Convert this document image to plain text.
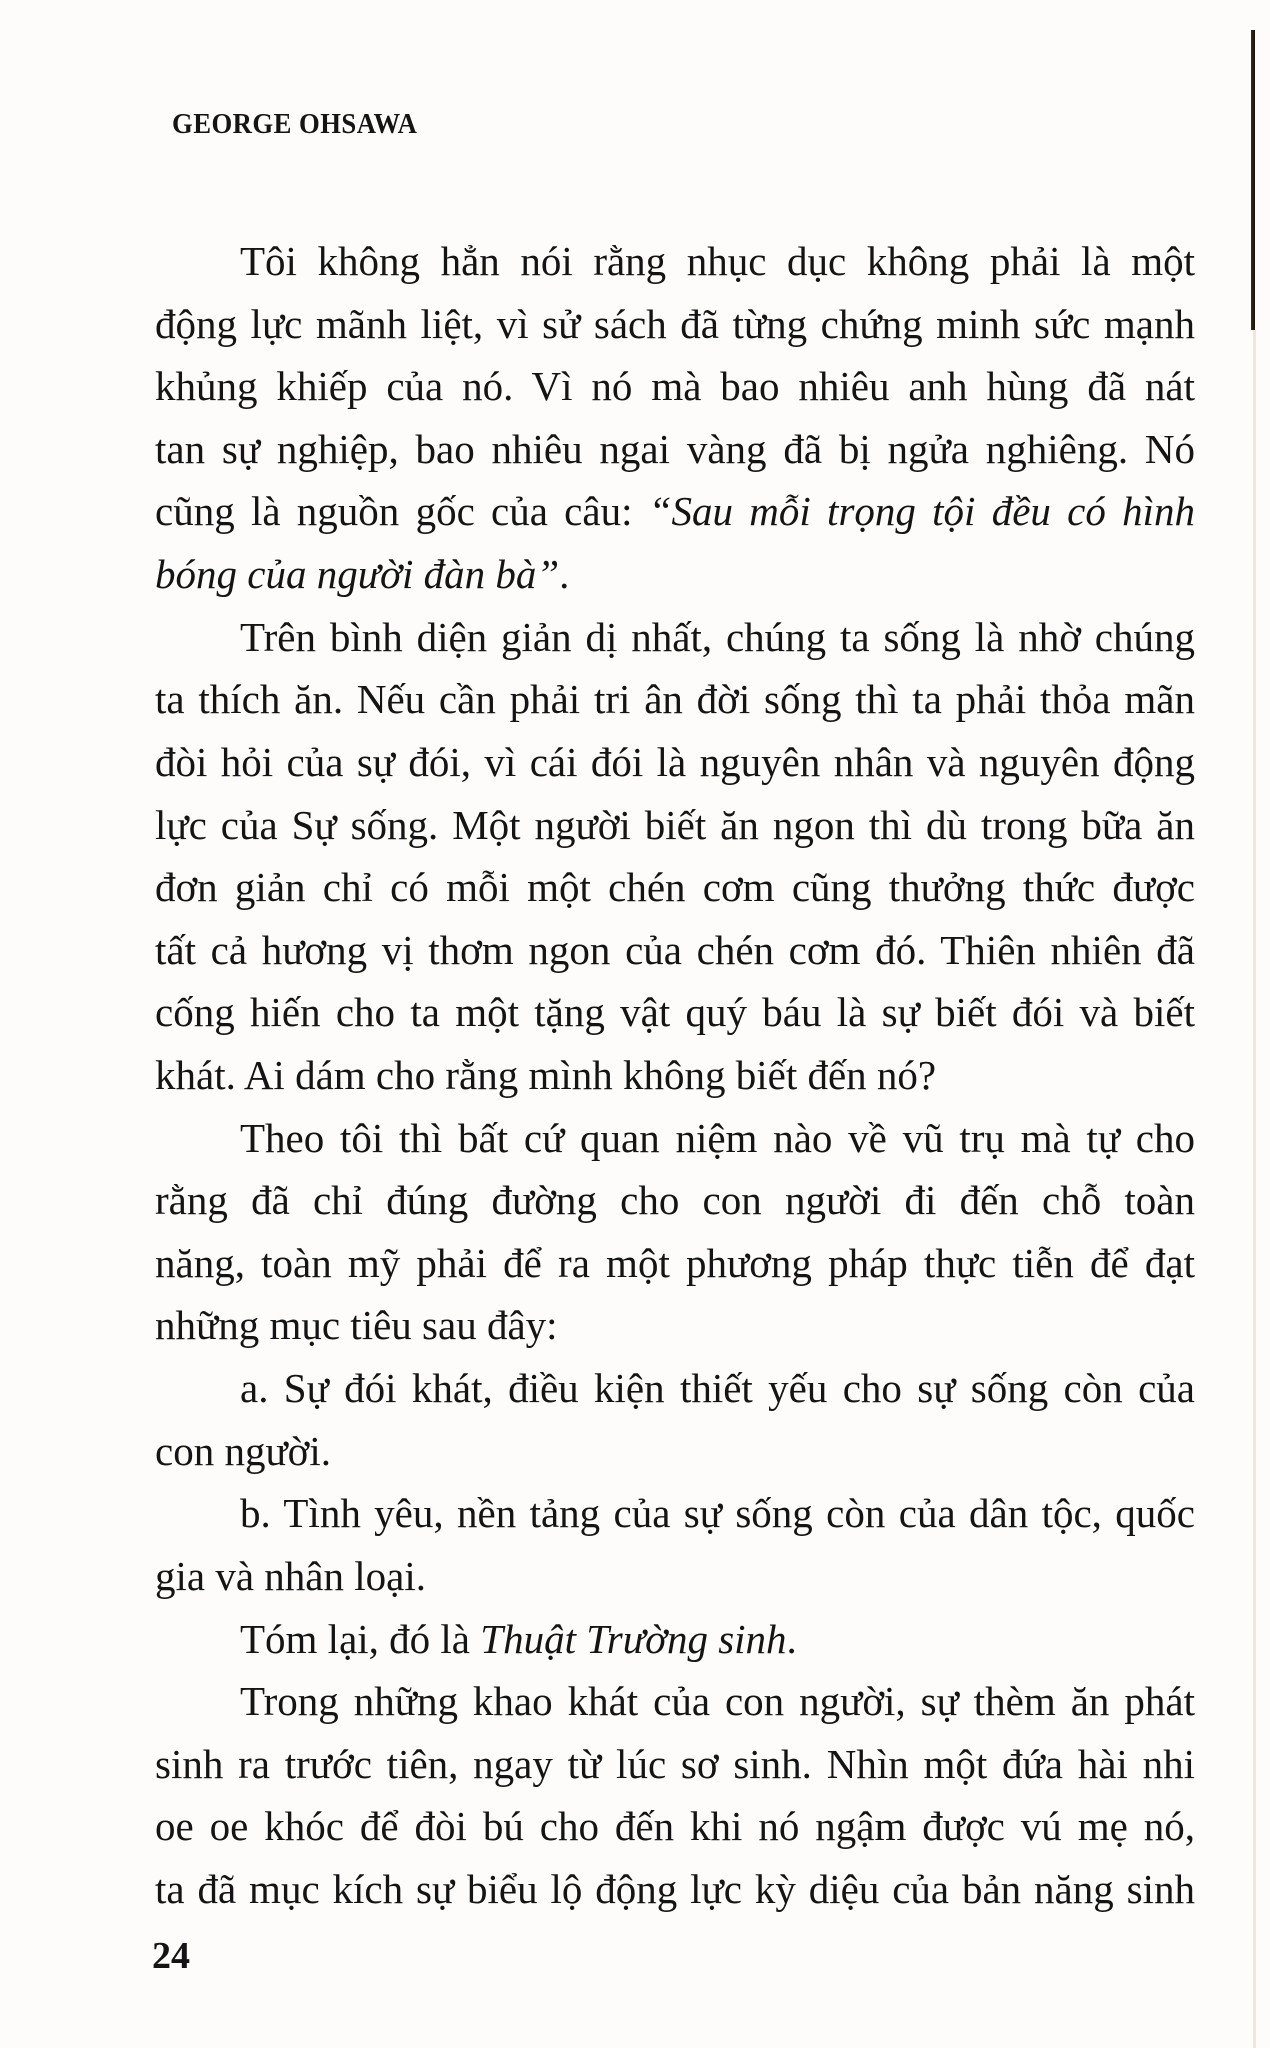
GEORGE OHSAWA
Tôi không hẳn nói rằng nhục dục không phải là một
động lực mãnh liệt, vì sử sách đã từng chứng minh sức mạnh
khủng khiếp của nó. Vì nó mà bao nhiêu anh hùng đã nát
tan sự nghiệp, bao nhiêu ngai vàng đã bị ngửa nghiêng. Nó
cũng là nguồn gốc của câu: “Sau mỗi trọng tội đều có hình
bóng của người đàn bà”.
Trên bình diện giản dị nhất, chúng ta sống là nhờ chúng
ta thích ăn. Nếu cần phải tri ân đời sống thì ta phải thỏa mãn
đòi hỏi của sự đói, vì cái đói là nguyên nhân và nguyên động
lực của Sự sống. Một người biết ăn ngon thì dù trong bữa ăn
đơn giản chỉ có mỗi một chén cơm cũng thưởng thức được
tất cả hương vị thơm ngon của chén cơm đó. Thiên nhiên đã
cống hiến cho ta một tặng vật quý báu là sự biết đói và biết
khát. Ai dám cho rằng mình không biết đến nó?
Theo tôi thì bất cứ quan niệm nào về vũ trụ mà tự cho
rằng đã chỉ đúng đường cho con người đi đến chỗ toàn
năng, toàn mỹ phải để ra một phương pháp thực tiễn để đạt
những mục tiêu sau đây:
a. Sự đói khát, điều kiện thiết yếu cho sự sống còn của
con người.
b. Tình yêu, nền tảng của sự sống còn của dân tộc, quốc
gia và nhân loại.
Tóm lại, đó là Thuật Trường sinh.
Trong những khao khát của con người, sự thèm ăn phát
sinh ra trước tiên, ngay từ lúc sơ sinh. Nhìn một đứa hài nhi
oe oe khóc để đòi bú cho đến khi nó ngậm được vú mẹ nó,
ta đã mục kích sự biểu lộ động lực kỳ diệu của bản năng sinh
24
